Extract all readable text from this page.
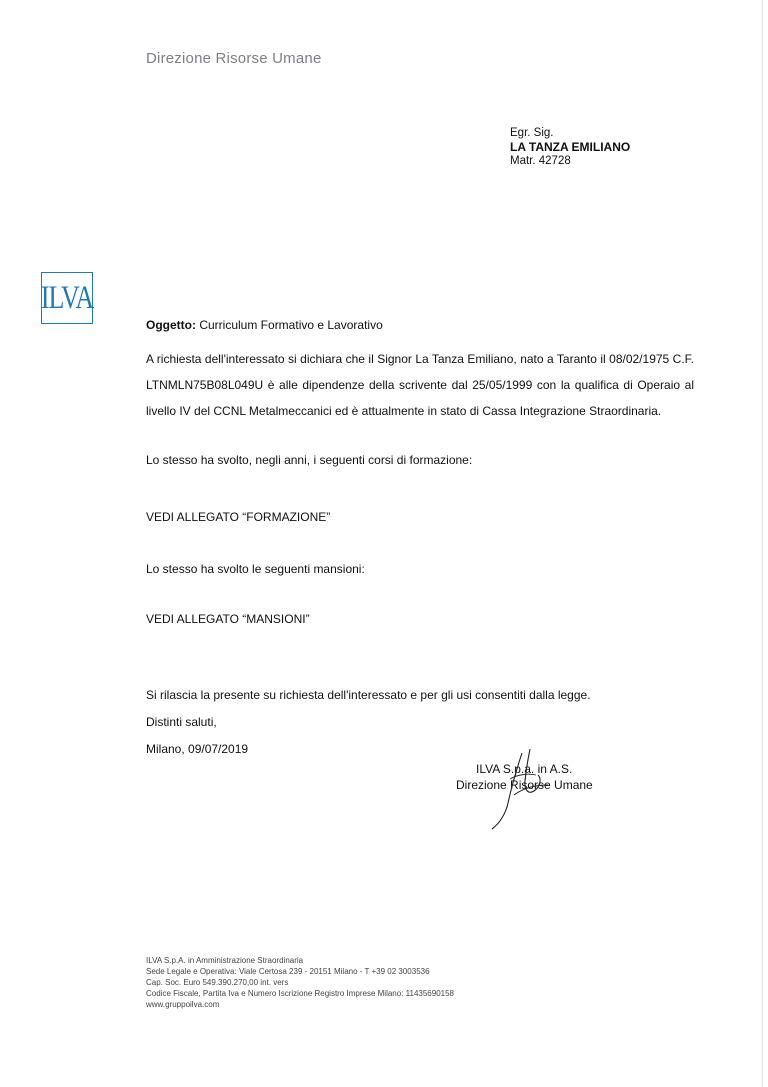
Direzione Risorse Umane
Egr. Sig.
LA TANZA EMILIANO
Matr. 42728
ILVA
Oggetto: Curriculum Formativo e Lavorativo
A richiesta dell'interessato si dichiara che il Signor La Tanza Emiliano, nato a Taranto il 08/02/1975 C.F. LTNMLN75B08L049U è alle dipendenze della scrivente dal 25/05/1999 con la qualifica di Operaio al livello IV del CCNL Metalmeccanici ed è attualmente in stato di Cassa Integrazione Straordinaria.
Lo stesso ha svolto, negli anni, i seguenti corsi di formazione:
VEDI ALLEGATO “FORMAZIONE”
Lo stesso ha svolto le seguenti mansioni:
VEDI ALLEGATO “MANSIONI”
Si rilascia la presente su richiesta dell'interessato e per gli usi consentiti dalla legge.
Distinti saluti,
Milano, 09/07/2019
ILVA S.p.a. in A.S.
Direzione Risorse Umane
ILVA S.p.A. in Amministrazione Straordinaria
Sede Legale e Operativa: Viale Certosa 239 - 20151 Milano - T +39 02 3003536
Cap. Soc. Euro 549.390.270,00 int. vers
Codice Fiscale, Partita Iva e Numero Iscrizione Registro Imprese Milano: 11435690158
www.gruppoilva.com
